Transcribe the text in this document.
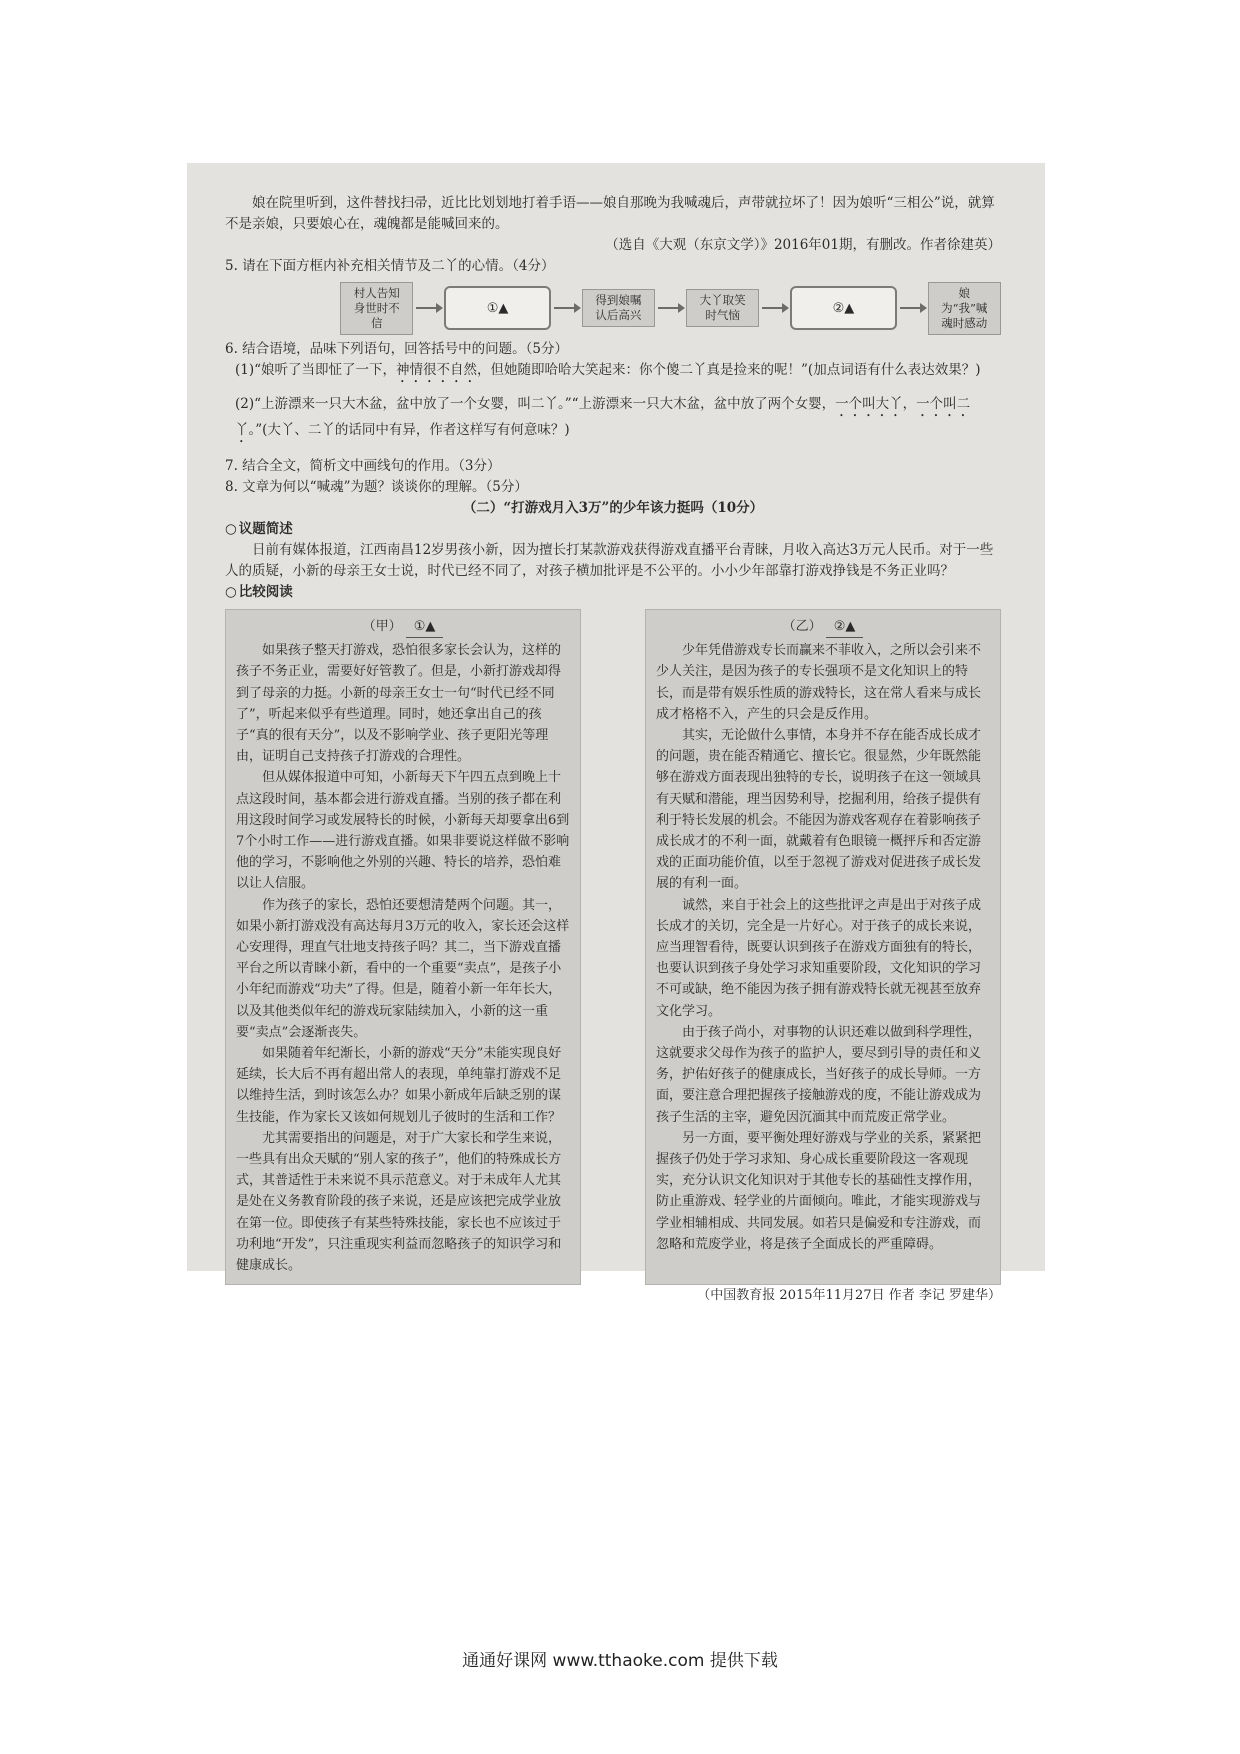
娘在院里听到，这件替找扫帚，近比比划划地打着手语——娘自那晚为我喊魂后，声带就拉坏了！因为娘听“三相公”说，就算不是亲娘，只要娘心在，魂魄都是能喊回来的。

（选自《大观（东京文学）》2016年01期，有删改。作者徐建英）

5. 请在下面方框内补充相关情节及二丫的心情。（4分）

村人告知身世时不信
①▲
得到娘嘱认后高兴
大丫取笑时气恼	②▲
娘为“我”喊魂时感动

6. 结合语境，品味下列语句，回答括号中的问题。（5分）

(1)“娘听了当即怔了一下，神情很不自然，但她随即哈哈大笑起来：你个傻二丫真是捡来的呢！”(加点词语有什么表达效果？)

(2)“上游漂来一只大木盆，盆中放了一个女婴，叫二丫。”“上游漂来一只大木盆，盆中放了两个女婴，一个叫大丫，一个叫二丫。”(大丫、二丫的话同中有异，作者这样写有何意味？)

7. 结合全文，简析文中画线句的作用。（3分）

8. 文章为何以“喊魂”为题？谈谈你的理解。（5分）

（二）“打游戏月入3万”的少年该力挺吗（10分）

○ 议题简述

日前有媒体报道，江西南昌12岁男孩小新，因为擅长打某款游戏获得游戏直播平台青睐，月收入高达3万元人民币。对于一些人的质疑，小新的母亲王女士说，时代已经不同了，对孩子横加批评是不公平的。小小少年部靠打游戏挣钱是不务正业吗？

○ 比较阅读

（甲） ①▲

如果孩子整天打游戏，恐怕很多家长会认为，这样的孩子不务正业，需要好好管教了。但是，小新打游戏却得到了母亲的力挺。小新的母亲王女士一句“时代已经不同了”，听起来似乎有些道理。同时，她还拿出自己的孩子“真的很有天分”，以及不影响学业、孩子更阳光等理由，证明自己支持孩子打游戏的合理性。

但从媒体报道中可知，小新每天下午四五点到晚上十点这段时间，基本都会进行游戏直播。当别的孩子都在利用这段时间学习或发展特长的时候，小新每天却要拿出6到7个小时工作——进行游戏直播。如果非要说这样做不影响他的学习，不影响他之外别的兴趣、特长的培养，恐怕难以让人信服。

作为孩子的家长，恐怕还要想清楚两个问题。其一，如果小新打游戏没有高达每月3万元的收入，家长还会这样心安理得，理直气壮地支持孩子吗？其二，当下游戏直播平台之所以青睐小新，看中的一个重要“卖点”，是孩子小小年纪而游戏“功夫”了得。但是，随着小新一年年长大，以及其他类似年纪的游戏玩家陆续加入，小新的这一重要“卖点”会逐渐丧失。

如果随着年纪渐长，小新的游戏“天分”未能实现良好延续，长大后不再有超出常人的表现，单纯靠打游戏不足以维持生活，到时该怎么办？如果小新成年后缺乏别的谋生技能，作为家长又该如何规划儿子彼时的生活和工作？

尤其需要指出的问题是，对于广大家长和学生来说，一些具有出众天赋的“别人家的孩子”，他们的特殊成长方式，其普适性于未来说不具示范意义。对于未成年人尤其是处在义务教育阶段的孩子来说，还是应该把完成学业放在第一位。即使孩子有某些特殊技能，家长也不应该过于功利地“开发”，只注重现实利益而忽略孩子的知识学习和健康成长。

（乙） ②▲

少年凭借游戏专长而赢来不菲收入，之所以会引来不少人关注，是因为孩子的专长强项不是文化知识上的特长，而是带有娱乐性质的游戏特长，这在常人看来与成长成才格格不入，产生的只会是反作用。

其实，无论做什么事情，本身并不存在能否成长成才的问题，贵在能否精通它、擅长它。很显然，少年既然能够在游戏方面表现出独特的专长，说明孩子在这一领域具有天赋和潜能，理当因势利导，挖掘利用，给孩子提供有利于特长发展的机会。不能因为游戏客观存在着影响孩子成长成才的不利一面，就戴着有色眼镜一概抨斥和否定游戏的正面功能价值，以至于忽视了游戏对促进孩子成长发展的有利一面。

诚然，来自于社会上的这些批评之声是出于对孩子成长成才的关切，完全是一片好心。对于孩子的成长来说，应当理智看待，既要认识到孩子在游戏方面独有的特长，也要认识到孩子身处学习求知重要阶段，文化知识的学习不可或缺，绝不能因为孩子拥有游戏特长就无视甚至放弃文化学习。

由于孩子尚小，对事物的认识还难以做到科学理性，这就要求父母作为孩子的监护人，要尽到引导的责任和义务，护佑好孩子的健康成长，当好孩子的成长导师。一方面，要注意合理把握孩子接触游戏的度，不能让游戏成为孩子生活的主宰，避免因沉湎其中而荒废正常学业。

另一方面，要平衡处理好游戏与学业的关系，紧紧把握孩子仍处于学习求知、身心成长重要阶段这一客观现实，充分认识文化知识对于其他专长的基础性支撑作用，防止重游戏、轻学业的片面倾向。唯此，才能实现游戏与学业相辅相成、共同发展。如若只是偏爱和专注游戏，而忽略和荒废学业，将是孩子全面成长的严重障碍。

（中国教育报 2015年11月27日 作者 李记 罗建华）

通通好课网 www.tthaoke.com 提供下载
